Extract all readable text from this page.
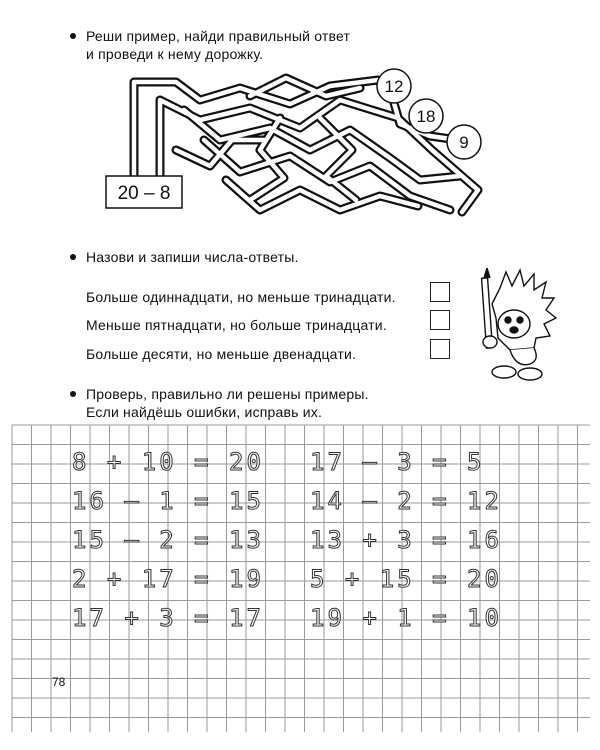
Реши пример, найди правильный ответ
и проведи к нему дорожку.
20 – 8
12
18
9
Назови и запиши числа-ответы.
Больше одиннадцати, но меньше тринадцати.
Меньше пятнадцати, но больше тринадцати.
Больше десяти, но меньше двенадцати.
Проверь, правильно ли решены примеры.
Если найдёшь ошибки, исправь их.
8 + 10 = 20
16 – 1 = 15
15 – 2 = 13
2 + 17 = 19
17 + 3 = 17
17 – 3 = 5
14 – 2 = 12
13 + 3 = 16
5 + 15 = 20
19 + 1 = 10
78
